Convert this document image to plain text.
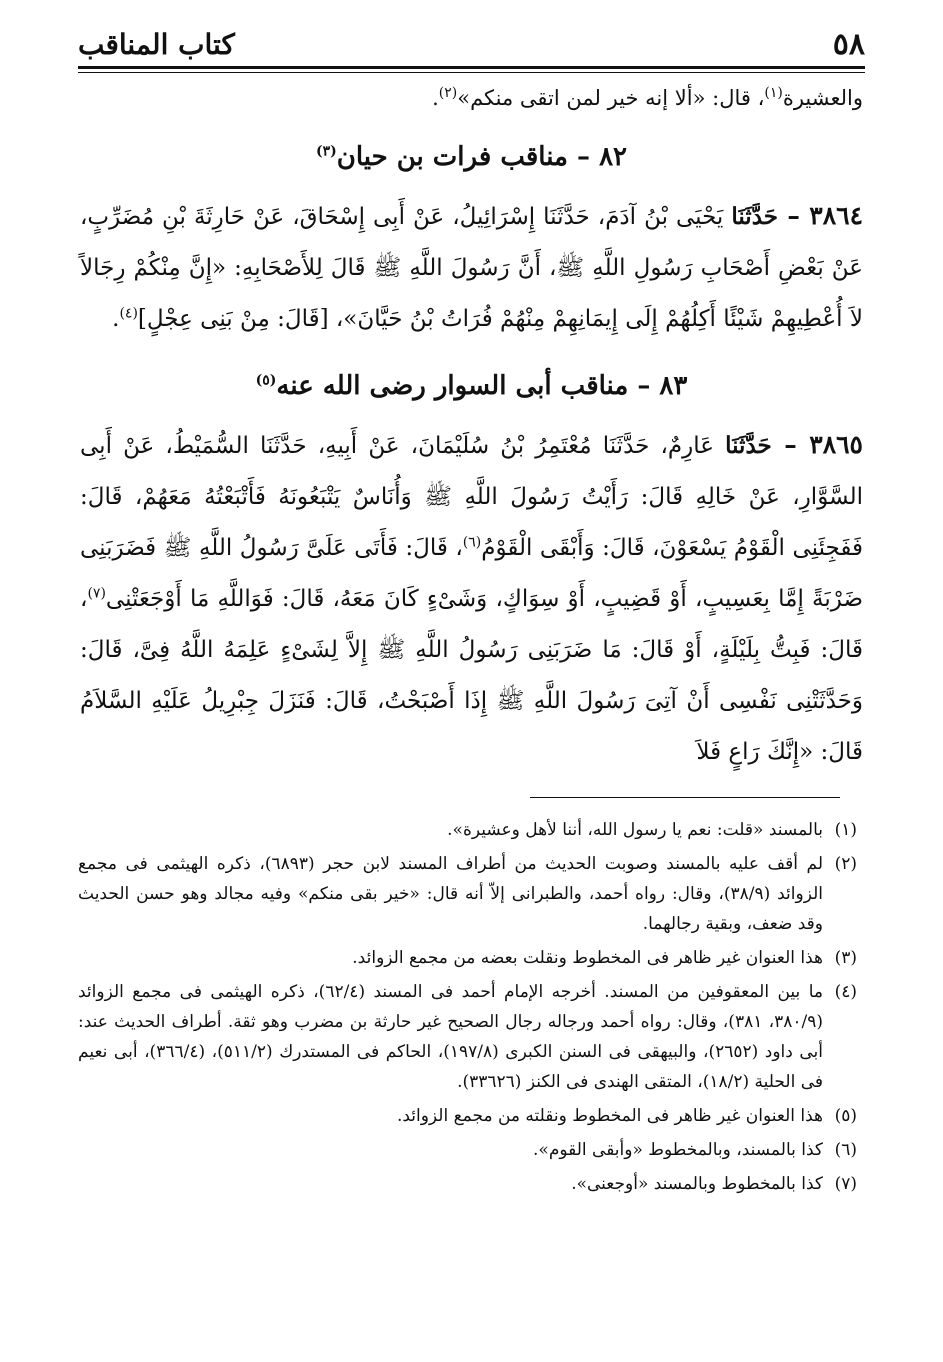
٥٨
كتاب المناقب
والعشيرة$^{(١)}$، قال: «ألا إنه خير لمن اتقى منكم»$^{(٢)}$.
٨٢ – مناقب فرات بن حيان$^{(٣)}$
٣٨٦٤ – حَدَّثَنَا يَحْيَى بْنُ آدَمَ، حَدَّثَنَا إِسْرَائِيلُ، عَنْ أَبِى إِسْحَاقَ، عَنْ حَارِثَةَ بْنِ مُضَرِّبٍ، عَنْ بَعْضِ أَصْحَابِ رَسُولِ اللَّهِ ﷺ، أَنَّ رَسُولَ اللَّهِ ﷺ قَالَ لِلأَصْحَابِهِ: «إِنَّ مِنْكُمْ رِجَالاً لاَ أُعْطِيهِمْ شَيْئًا أَكِلُهُمْ إِلَى إِيمَانِهِمْ مِنْهُمْ فُرَاتُ بْنُ حَيَّانَ»، [قَالَ: مِنْ بَنِى عِجْلٍ]$^{(٤)}$.
٨٣ – مناقب أبى السوار رضى الله عنه$^{(٥)}$
٣٨٦٥ – حَدَّثَنَا عَارِمٌ، حَدَّثَنَا مُعْتَمِرُ بْنُ سُلَيْمَانَ، عَنْ أَبِيهِ، حَدَّثَنَا السُّمَيْطُ، عَنْ أَبِى السَّوَّارِ، عَنْ خَالِهِ قَالَ: رَأَيْتُ رَسُولَ اللَّهِ ﷺ وَأُنَاسٌ يَتْبَعُونَهُ فَأَتْبَعْتُهُ مَعَهُمْ، قَالَ: فَفَجِئَنِى الْقَوْمُ يَسْعَوْنَ، قَالَ: وَأَبْقَى الْقَوْمُ$^{(٦)}$، قَالَ: فَأَتَى عَلَىَّ رَسُولُ اللَّهِ ﷺ فَضَرَبَنِى ضَرْبَةً إِمَّا بِعَسِيبٍ، أَوْ قَضِيبٍ، أَوْ سِوَاكٍ، وَشَىْءٍ كَانَ مَعَهُ، قَالَ: فَوَاللَّهِ مَا أَوْجَعَتْنِى$^{(٧)}$، قَالَ: فَبِتُّ بِلَيْلَةٍ، أَوْ قَالَ: مَا ضَرَبَنِى رَسُولُ اللَّهِ ﷺ إِلاَّ لِشَىْءٍ عَلِمَهُ اللَّهُ فِىَّ، قَالَ: وَحَدَّثَتْنِى نَفْسِى أَنْ آتِىَ رَسُولَ اللَّهِ ﷺ إِذَا أَصْبَحْتُ، قَالَ: فَنَزَلَ جِبْرِيلُ عَلَيْهِ السَّلاَمُ قَالَ: «إِنَّكَ رَاعٍ فَلاَ
(١)بالمسند «قلت: نعم يا رسول الله، أننا لأهل وعشيرة».
(٢)لم أقف عليه بالمسند وصوبت الحديث من أطراف المسند لابن حجر (٦٨٩٣)، ذكره الهيثمى فى مجمع الزوائد (٣٨/٩)، وقال: رواه أحمد، والطبرانى إلاّ أنه قال: «خير بقى منكم» وفيه مجالد وهو حسن الحديث وقد ضعف، وبقية رجالهما.
(٣)هذا العنوان غير ظاهر فى المخطوط ونقلت بعضه من مجمع الزوائد.
(٤)ما بين المعقوفين من المسند. أخرجه الإمام أحمد فى المسند (٦٢/٤)، ذكره الهيثمى فى مجمع الزوائد (٣٨٠/٩، ٣٨١)، وقال: رواه أحمد ورجاله رجال الصحيح غير حارثة بن مضرب وهو ثقة. أطراف الحديث عند: أبى داود (٢٦٥٢)، والبيهقى فى السنن الكبرى (١٩٧/٨)، الحاكم فى المستدرك (٥١١/٢)، (٣٦٦/٤)، أبى نعيم فى الحلية (١٨/٢)، المتقى الهندى فى الكنز (٣٣٦٢٦).
(٥)هذا العنوان غير ظاهر فى المخطوط ونقلته من مجمع الزوائد.
(٦)كذا بالمسند، وبالمخطوط «وأبقى القوم».
(٧)كذا بالمخطوط وبالمسند «أوجعنى».
